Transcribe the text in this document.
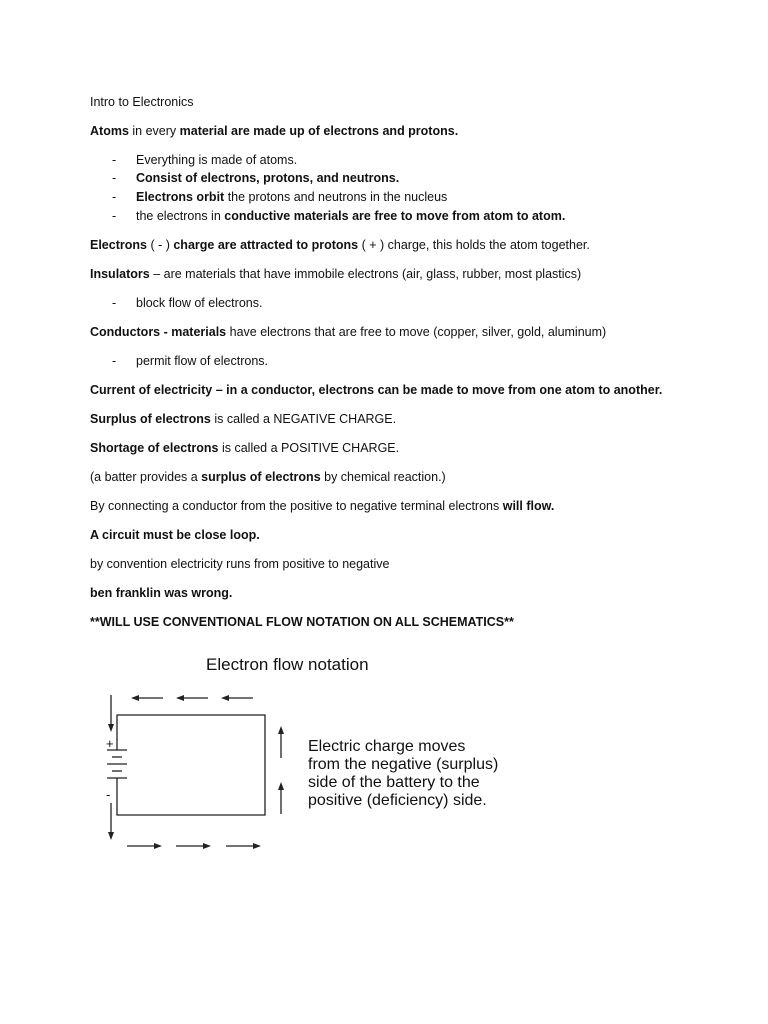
Intro to Electronics
Atoms in every material are made up of electrons and protons.
- Everything is made of atoms.
- Consist of electrons, protons, and neutrons.
- Electrons orbit the protons and neutrons in the nucleus
- the electrons in conductive materials are free to move from atom to atom.
Electrons ( - ) charge are attracted to protons ( + ) charge, this holds the atom together.
Insulators – are materials that have immobile electrons (air, glass, rubber, most plastics)
- block flow of electrons.
Conductors - materials have electrons that are free to move (copper, silver, gold, aluminum)
- permit flow of electrons.
Current of electricity – in a conductor, electrons can be made to move from one atom to another.
Surplus of electrons is called a NEGATIVE CHARGE.
Shortage of electrons is called a POSITIVE CHARGE.
(a batter provides a surplus of electrons by chemical reaction.)
By connecting a conductor from the positive to negative terminal electrons will flow.
A circuit must be close loop.
by convention electricity runs from positive to negative
ben franklin was wrong.
**WILL USE CONVENTIONAL FLOW NOTATION ON ALL SCHEMATICS**
Electron flow notation
+
-
Electric charge moves
from the negative (surplus)
side of the battery to the
positive (deficiency) side.
